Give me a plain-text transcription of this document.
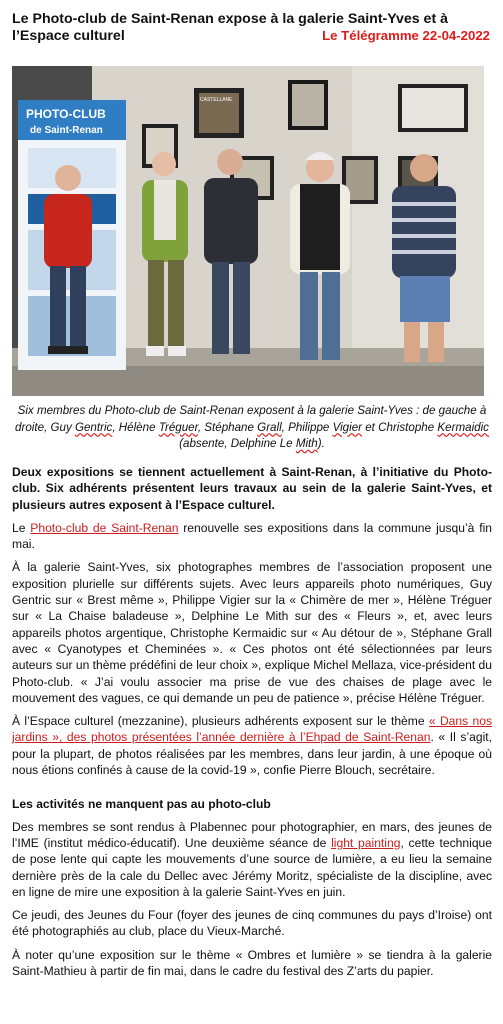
Le Photo-club de Saint-Renan expose à la galerie Saint-Yves et à l’Espace culturel	Le Télégramme 22-04-2022
PHOTO-CLUB
de Saint-Renan
CASTELLANE
Six membres du Photo-club de Saint-Renan exposent à la galerie Saint-Yves : de gauche à droite, Guy Gentric, Hélène Tréguer, Stéphane Grall, Philippe Vigier et Christophe Kermaidic (absente, Delphine Le Mith).

Deux expositions se tiennent actuellement à Saint-Renan, à l’initiative du Photo-club. Six adhérents présentent leurs travaux au sein de la galerie Saint-Yves, et plusieurs autres exposent à l’Espace culturel.

Le Photo-club de Saint-Renan renouvelle ses expositions dans la commune jusqu’à fin mai.

À la galerie Saint-Yves, six photographes membres de l’association proposent une exposition plurielle sur différents sujets. Avec leurs appareils photo numériques, Guy Gentric sur « Brest même », Philippe Vigier sur la « Chimère de mer », Hélène Tréguer sur « La Chaise baladeuse », Delphine Le Mith sur des « Fleurs », et, avec leurs appareils photos argentique, Christophe Kermaidic sur « Au détour de », Stéphane Grall avec « Cyanotypes et Cheminées ». « Ces photos ont été sélectionnées par leurs auteurs sur un thème prédéfini de leur choix », explique Michel Mellaza, vice-président du Photo-club. « J’ai voulu associer ma prise de vue des chaises de plage avec le mouvement des vagues, ce qui demande un peu de patience », précise Hélène Tréguer.

À l’Espace culturel (mezzanine), plusieurs adhérents exposent sur le thème « Dans nos jardins », des photos présentées l’année dernière à l’Ehpad de Saint-Renan. « Il s’agit, pour la plupart, de photos réalisées par les membres, dans leur jardin, à une époque où nous étions confinés à cause de la covid-19 », confie Pierre Blouch, secrétaire.

Les activités ne manquent pas au photo-club

Des membres se sont rendus à Plabennec pour photographier, en mars, des jeunes de l’IME (institut médico-éducatif). Une deuxième séance de light painting, cette technique de pose lente qui capte les mouvements d’une source de lumière, a eu lieu la semaine dernière près de la cale du Dellec avec Jérémy Moritz, spécialiste de la discipline, avec en ligne de mire une exposition à la galerie Saint-Yves en juin.

Ce jeudi, des Jeunes du Four (foyer des jeunes de cinq communes du pays d’Iroise) ont été photographiés au club, place du Vieux-Marché.

À noter qu’une exposition sur le thème « Ombres et lumière » se tiendra à la galerie Saint-Mathieu à partir de fin mai, dans le cadre du festival des Z’arts du papier.
